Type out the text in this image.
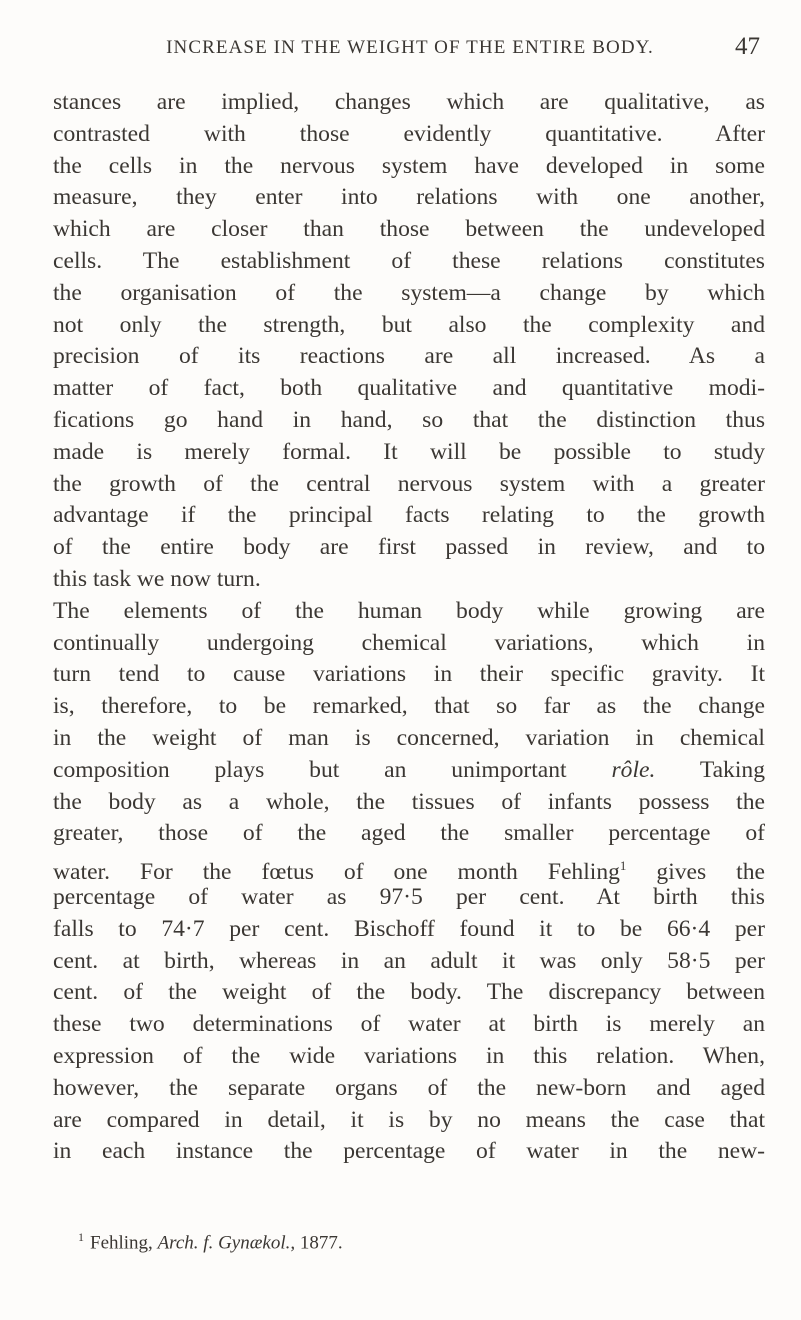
INCREASE IN THE WEIGHT OF THE ENTIRE BODY.	47
stances are implied, changes which are qualitative, as
contrasted with those evidently quantitative. After
the cells in the nervous system have developed in some
measure, they enter into relations with one another,
which are closer than those between the undeveloped
cells. The establishment of these relations constitutes
the organisation of the system—a change by which
not only the strength, but also the complexity and
precision of its reactions are all increased. As a
matter of fact, both qualitative and quantitative modi-
fications go hand in hand, so that the distinction thus
made is merely formal. It will be possible to study
the growth of the central nervous system with a greater
advantage if the principal facts relating to the growth
of the entire body are first passed in review, and to
this task we now turn.
The elements of the human body while growing are
continually undergoing chemical variations, which in
turn tend to cause variations in their specific gravity. It
is, therefore, to be remarked, that so far as the change
in the weight of man is concerned, variation in chemical
composition plays but an unimportant rôle. Taking
the body as a whole, the tissues of infants possess the
greater, those of the aged the smaller percentage of
water. For the fœtus of one month Fehling$^1$ gives the
percentage of water as 97·5 per cent. At birth this
falls to 74·7 per cent. Bischoff found it to be 66·4 per
cent. at birth, whereas in an adult it was only 58·5 per
cent. of the weight of the body. The discrepancy between
these two determinations of water at birth is merely an
expression of the wide variations in this relation. When,
however, the separate organs of the new-born and aged
are compared in detail, it is by no means the case that
in each instance the percentage of water in the new-
$^1$ Fehling, Arch. f. Gynækol., 1877.
